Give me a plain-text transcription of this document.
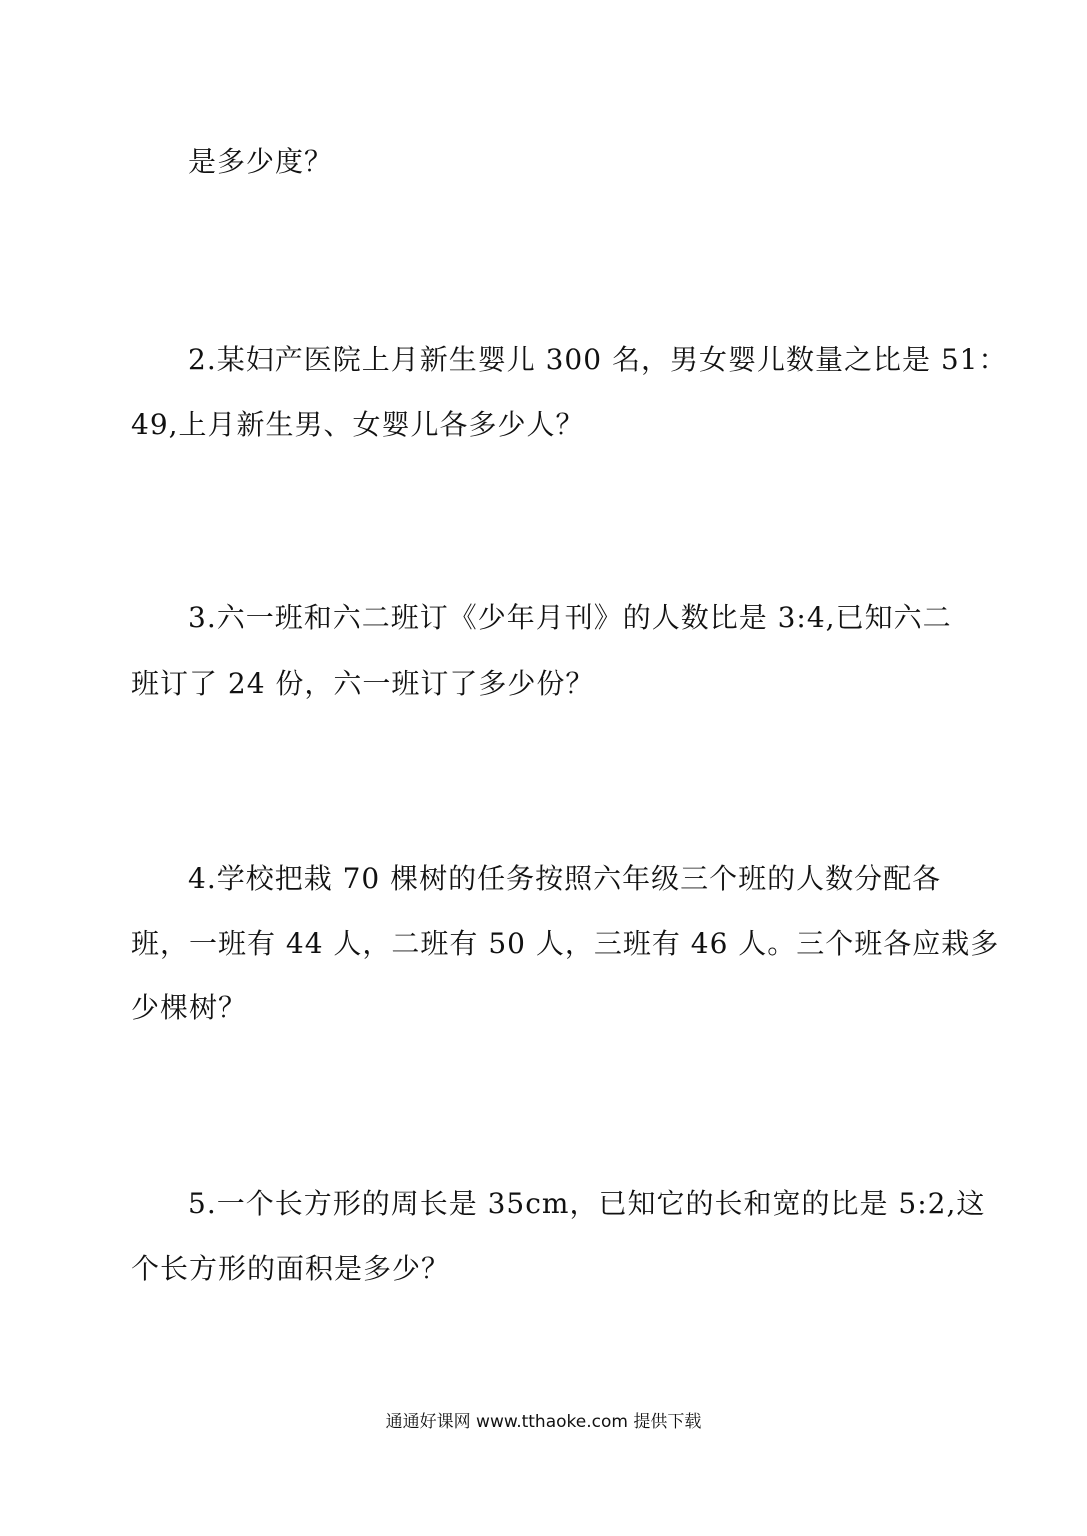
是多少度？
2.某妇产医院上月新生婴儿 300 名，男女婴儿数量之比是 51：
49,上月新生男、女婴儿各多少人？
3.六一班和六二班订《少年月刊》的人数比是 3:4,已知六二
班订了 24 份，六一班订了多少份？
4.学校把栽 70 棵树的任务按照六年级三个班的人数分配各
班，一班有 44 人，二班有 50 人，三班有 46 人。三个班各应栽多
少棵树？
5.一个长方形的周长是 35cm，已知它的长和宽的比是 5:2,这
个长方形的面积是多少？
通通好课网 www.tthaoke.com 提供下载
